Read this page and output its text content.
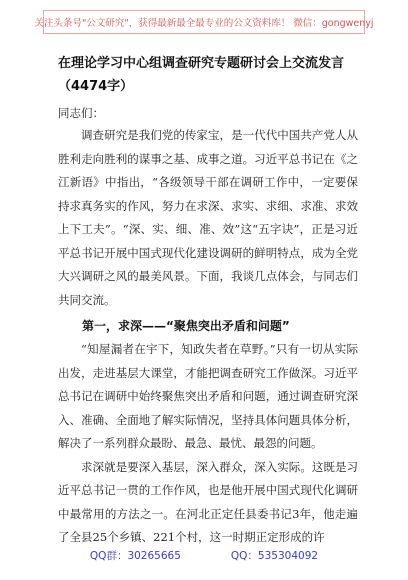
关注头条号"公文研究"，获得最新最全最专业的公文资料库！ 微信：gongwenyj

在理论学习中心组调查研究专题研讨会上交流发言（4474字）

同志们：

调查研究是我们党的传家宝，是一代代中国共产党人从胜利走向胜利的谋事之基、成事之道。习近平总书记在《之江新语》中指出，“各级领导干部在调研工作中，一定要保持求真务实的作风，努力在求深、求实、求细、求准、求效上下工夫”。“深、实、细、准、效”这“五字诀”，正是习近平总书记开展中国式现代化建设调研的鲜明特点，成为全党大兴调研之风的最美风景。下面，我谈几点体会，与同志们共同交流。

第一，求深——“聚焦突出矛盾和问题”

“知屋漏者在宇下，知政失者在草野。”只有一切从实际出发，走进基层大课堂，才能把调查研究工作做深。习近平总书记在调研中始终聚焦突出矛盾和问题，通过调查研究深入、准确、全面地了解实际情况，坚持具体问题具体分析，解决了一系列群众最盼、最急、最忧、最怨的问题。

求深就是要深入基层，深入群众，深入实际。这既是习近平总书记一贯的工作作风，也是他开展中国式现代化调研中最常用的方法之一。在河北正定任县委书记3年，他走遍了全县25个乡镇、221个村，这一时期正定形成的许

QQ群：30265665	QQ：535304092
